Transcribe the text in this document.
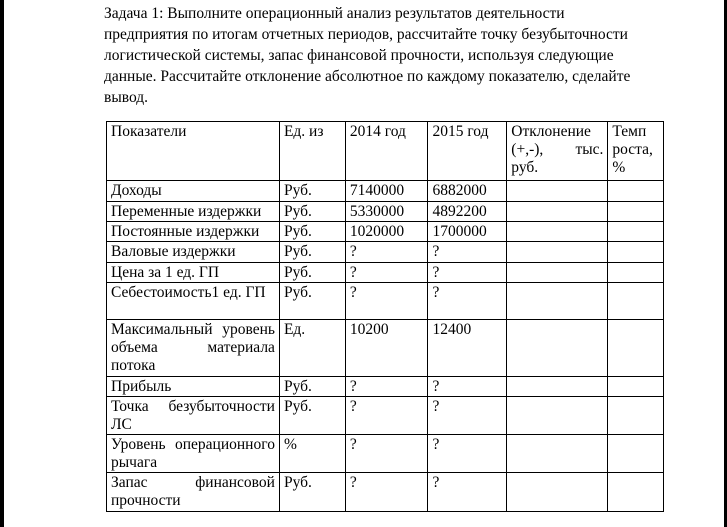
Задача 1: Выполните операционный анализ результатов деятельности предприятия по итогам отчетных периодов, рассчитайте точку безубыточности логистической системы, запас финансовой прочности, используя следующие данные. Рассчитайте отклонение абсолютное по каждому показателю, сделайте вывод.

Показатели	Ед. из	2014 год	2015 год	Отклонение (+,-), тыс. руб.	Темп роста, %
Доходы	Руб.	7140000	6882000		
Переменные издержки	Руб.	5330000	4892200		
Постоянные издержки	Руб.	1020000	1700000		
Валовые издержки	Руб.	?	?		
Цена за 1 ед. ГП	Руб.	?	?		
Себестоимость1 ед. ГП	Руб.	?	?		
Максимальный уровень объема материала потока	Ед.	10200	12400		
Прибыль	Руб.	?	?		
Точка безубыточности ЛС	Руб.	?	?		
Уровень операционного рычага	%	?	?		
Запас финансовой прочности	Руб.	?	?		
